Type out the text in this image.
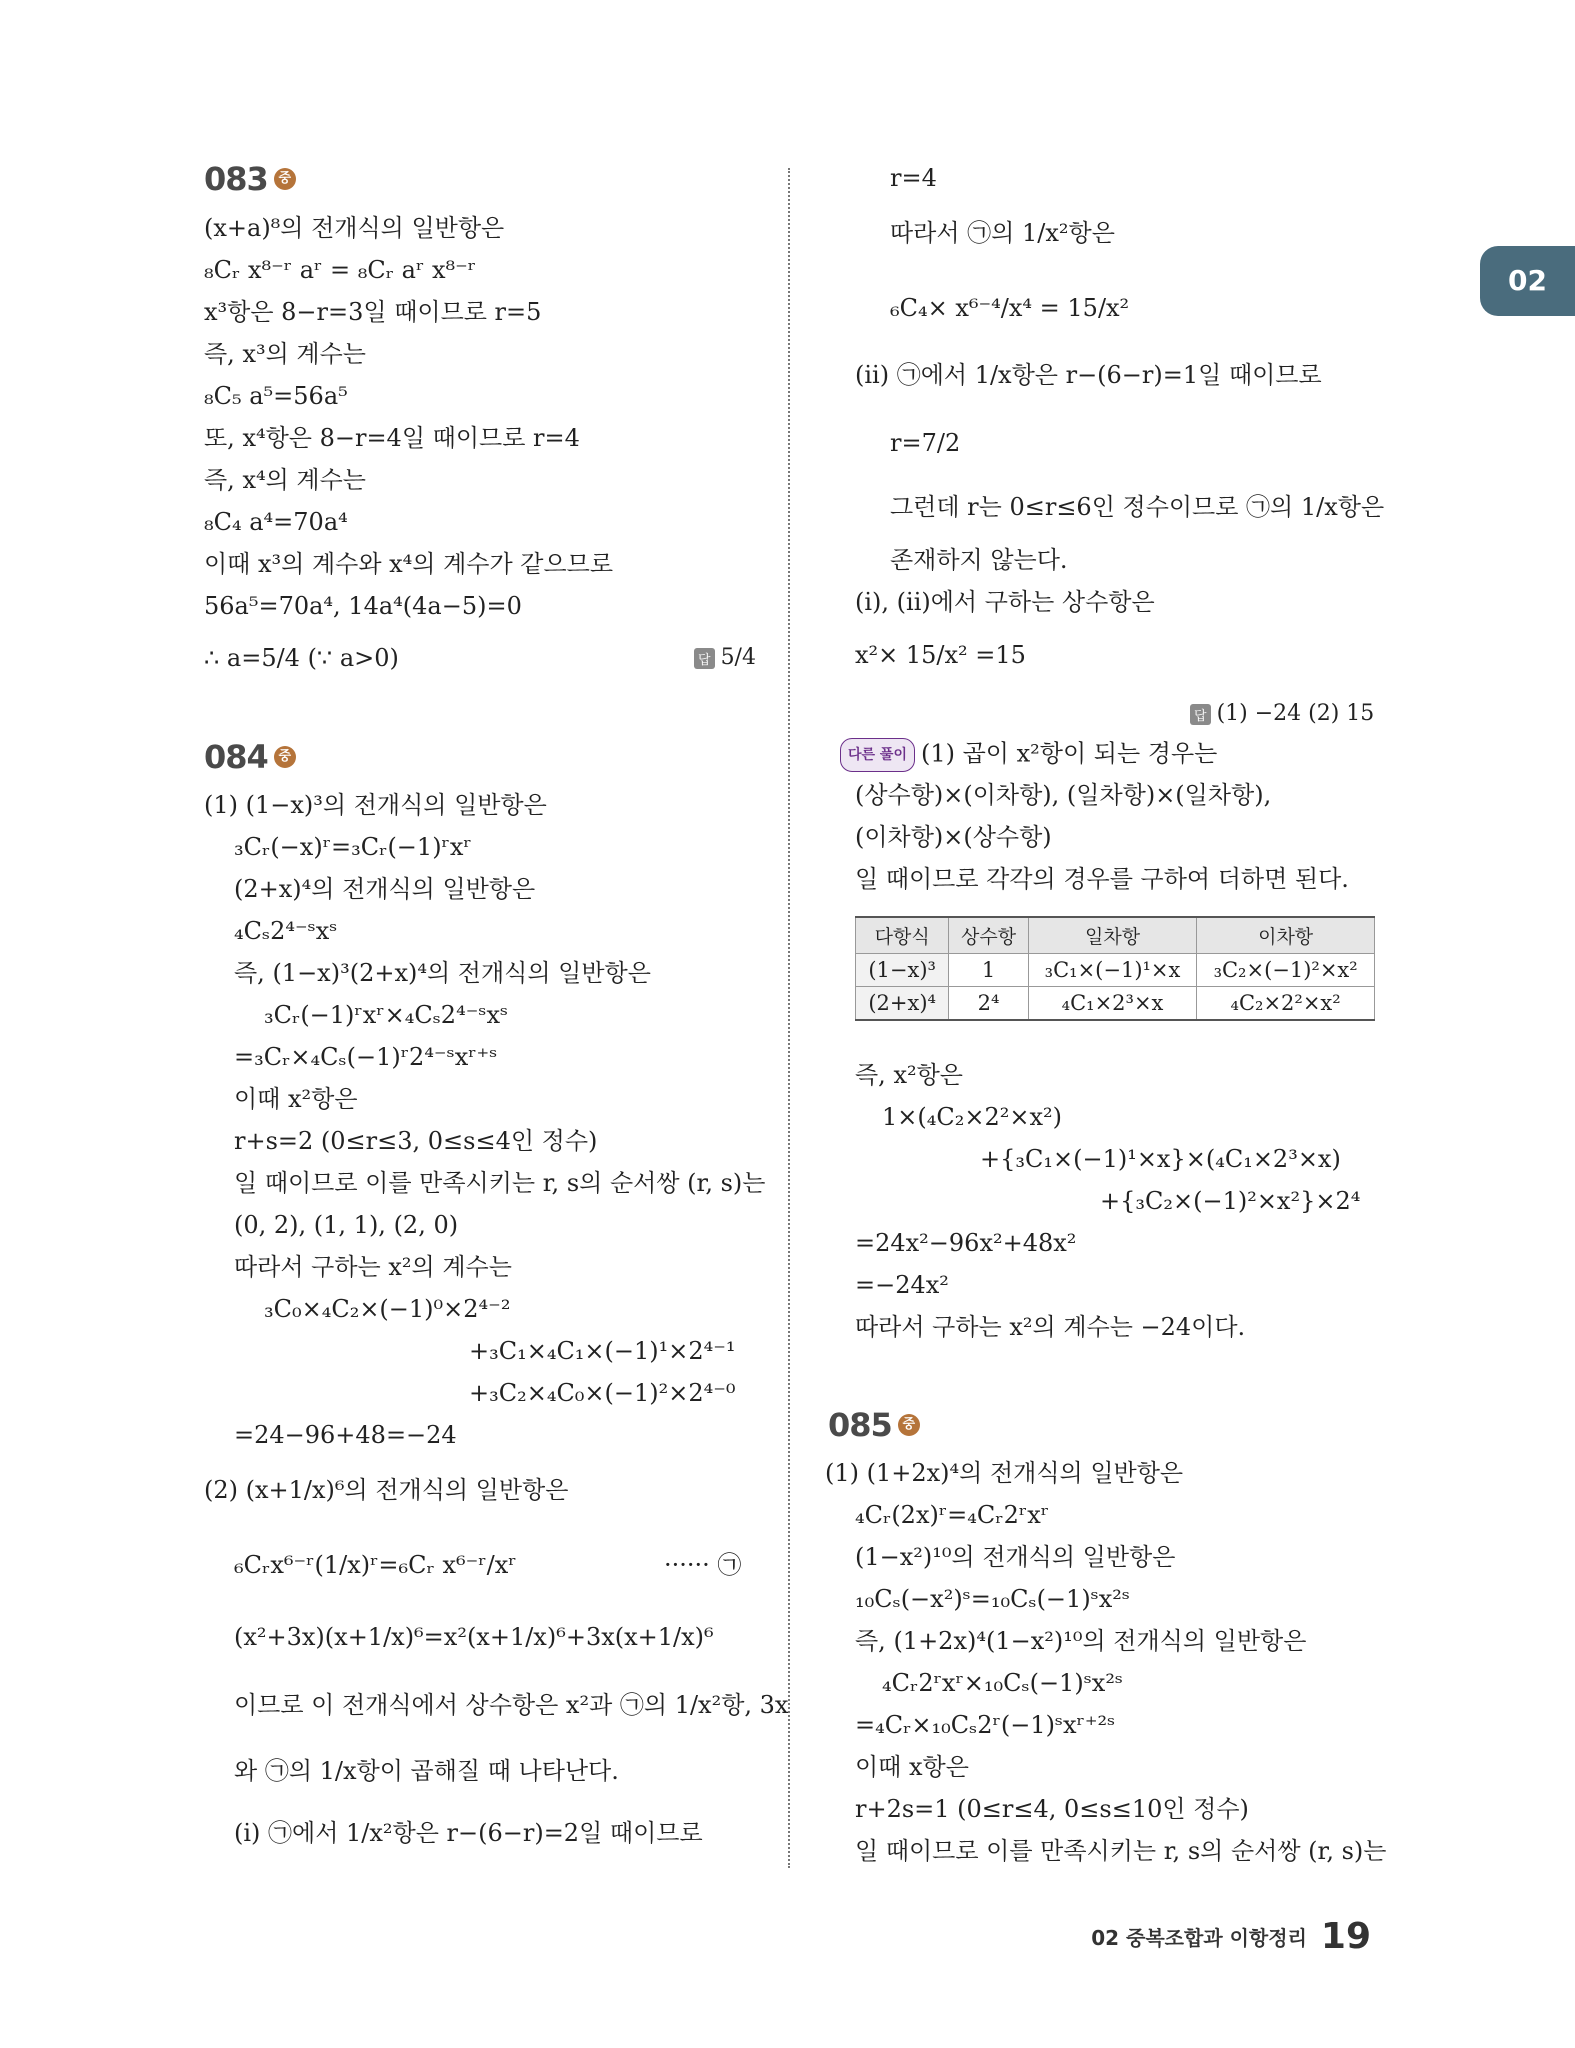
02
083 중
(x+a)⁸의 전개식의 일반항은
₈Cᵣ x⁸⁻ʳ aʳ = ₈Cᵣ aʳ x⁸⁻ʳ
x³항은 8−r=3일 때이므로 r=5
즉, x³의 계수는
₈C₅ a⁵=56a⁵
또, x⁴항은 8−r=4일 때이므로 r=4
즉, x⁴의 계수는
₈C₄ a⁴=70a⁴
이때 x³의 계수와 x⁴의 계수가 같으므로
56a⁵=70a⁴, 14a⁴(4a−5)=0
∴ a=5/4 (∵ a>0)	답 5/4
084 중
(1) (1−x)³의 전개식의 일반항은
₃Cᵣ(−x)ʳ=₃Cᵣ(−1)ʳxʳ
(2+x)⁴의 전개식의 일반항은
₄Cₛ2⁴⁻ˢxˢ
즉, (1−x)³(2+x)⁴의 전개식의 일반항은
₃Cᵣ(−1)ʳxʳ×₄Cₛ2⁴⁻ˢxˢ
=₃Cᵣ×₄Cₛ(−1)ʳ2⁴⁻ˢxʳ⁺ˢ
이때 x²항은
r+s=2 (0≤r≤3, 0≤s≤4인 정수)
일 때이므로 이를 만족시키는 r, s의 순서쌍 (r, s)는
(0, 2), (1, 1), (2, 0)
따라서 구하는 x²의 계수는
₃C₀×₄C₂×(−1)⁰×2⁴⁻²
+₃C₁×₄C₁×(−1)¹×2⁴⁻¹
+₃C₂×₄C₀×(−1)²×2⁴⁻⁰
=24−96+48=−24
(2) (x+1/x)⁶의 전개식의 일반항은
₆Cᵣx⁶⁻ʳ(1/x)ʳ=₆Cᵣ x⁶⁻ʳ/xʳ	······ ㉠
(x²+3x)(x+1/x)⁶=x²(x+1/x)⁶+3x(x+1/x)⁶
이므로 이 전개식에서 상수항은 x²과 ㉠의 1/x²항, 3x
와 ㉠의 1/x항이 곱해질 때 나타난다.
(i) ㉠에서 1/x²항은 r−(6−r)=2일 때이므로
r=4
따라서 ㉠의 1/x²항은
₆C₄× x⁶⁻⁴/x⁴ = 15/x²
(ii) ㉠에서 1/x항은 r−(6−r)=1일 때이므로
r=7/2
그런데 r는 0≤r≤6인 정수이므로 ㉠의 1/x항은
존재하지 않는다.
(i), (ii)에서 구하는 상수항은
x²× 15/x² =15
답 (1) −24 (2) 15
다른 풀이 (1) 곱이 x²항이 되는 경우는
(상수항)×(이차항), (일차항)×(일차항),
(이차항)×(상수항)
일 때이므로 각각의 경우를 구하여 더하면 된다.
다항식	상수항	일차항	이차항
(1−x)³	1	₃C₁×(−1)¹×x	₃C₂×(−1)²×x²
(2+x)⁴	2⁴	₄C₁×2³×x	₄C₂×2²×x²
즉, x²항은
1×(₄C₂×2²×x²)
+{₃C₁×(−1)¹×x}×(₄C₁×2³×x)
+{₃C₂×(−1)²×x²}×2⁴
=24x²−96x²+48x²
=−24x²
따라서 구하는 x²의 계수는 −24이다.
085 중
(1) (1+2x)⁴의 전개식의 일반항은
₄Cᵣ(2x)ʳ=₄Cᵣ2ʳxʳ
(1−x²)¹⁰의 전개식의 일반항은
₁₀Cₛ(−x²)ˢ=₁₀Cₛ(−1)ˢx²ˢ
즉, (1+2x)⁴(1−x²)¹⁰의 전개식의 일반항은
₄Cᵣ2ʳxʳ×₁₀Cₛ(−1)ˢx²ˢ
=₄Cᵣ×₁₀Cₛ2ʳ(−1)ˢxʳ⁺²ˢ
이때 x항은
r+2s=1 (0≤r≤4, 0≤s≤10인 정수)
일 때이므로 이를 만족시키는 r, s의 순서쌍 (r, s)는
02 중복조합과 이항정리 19
